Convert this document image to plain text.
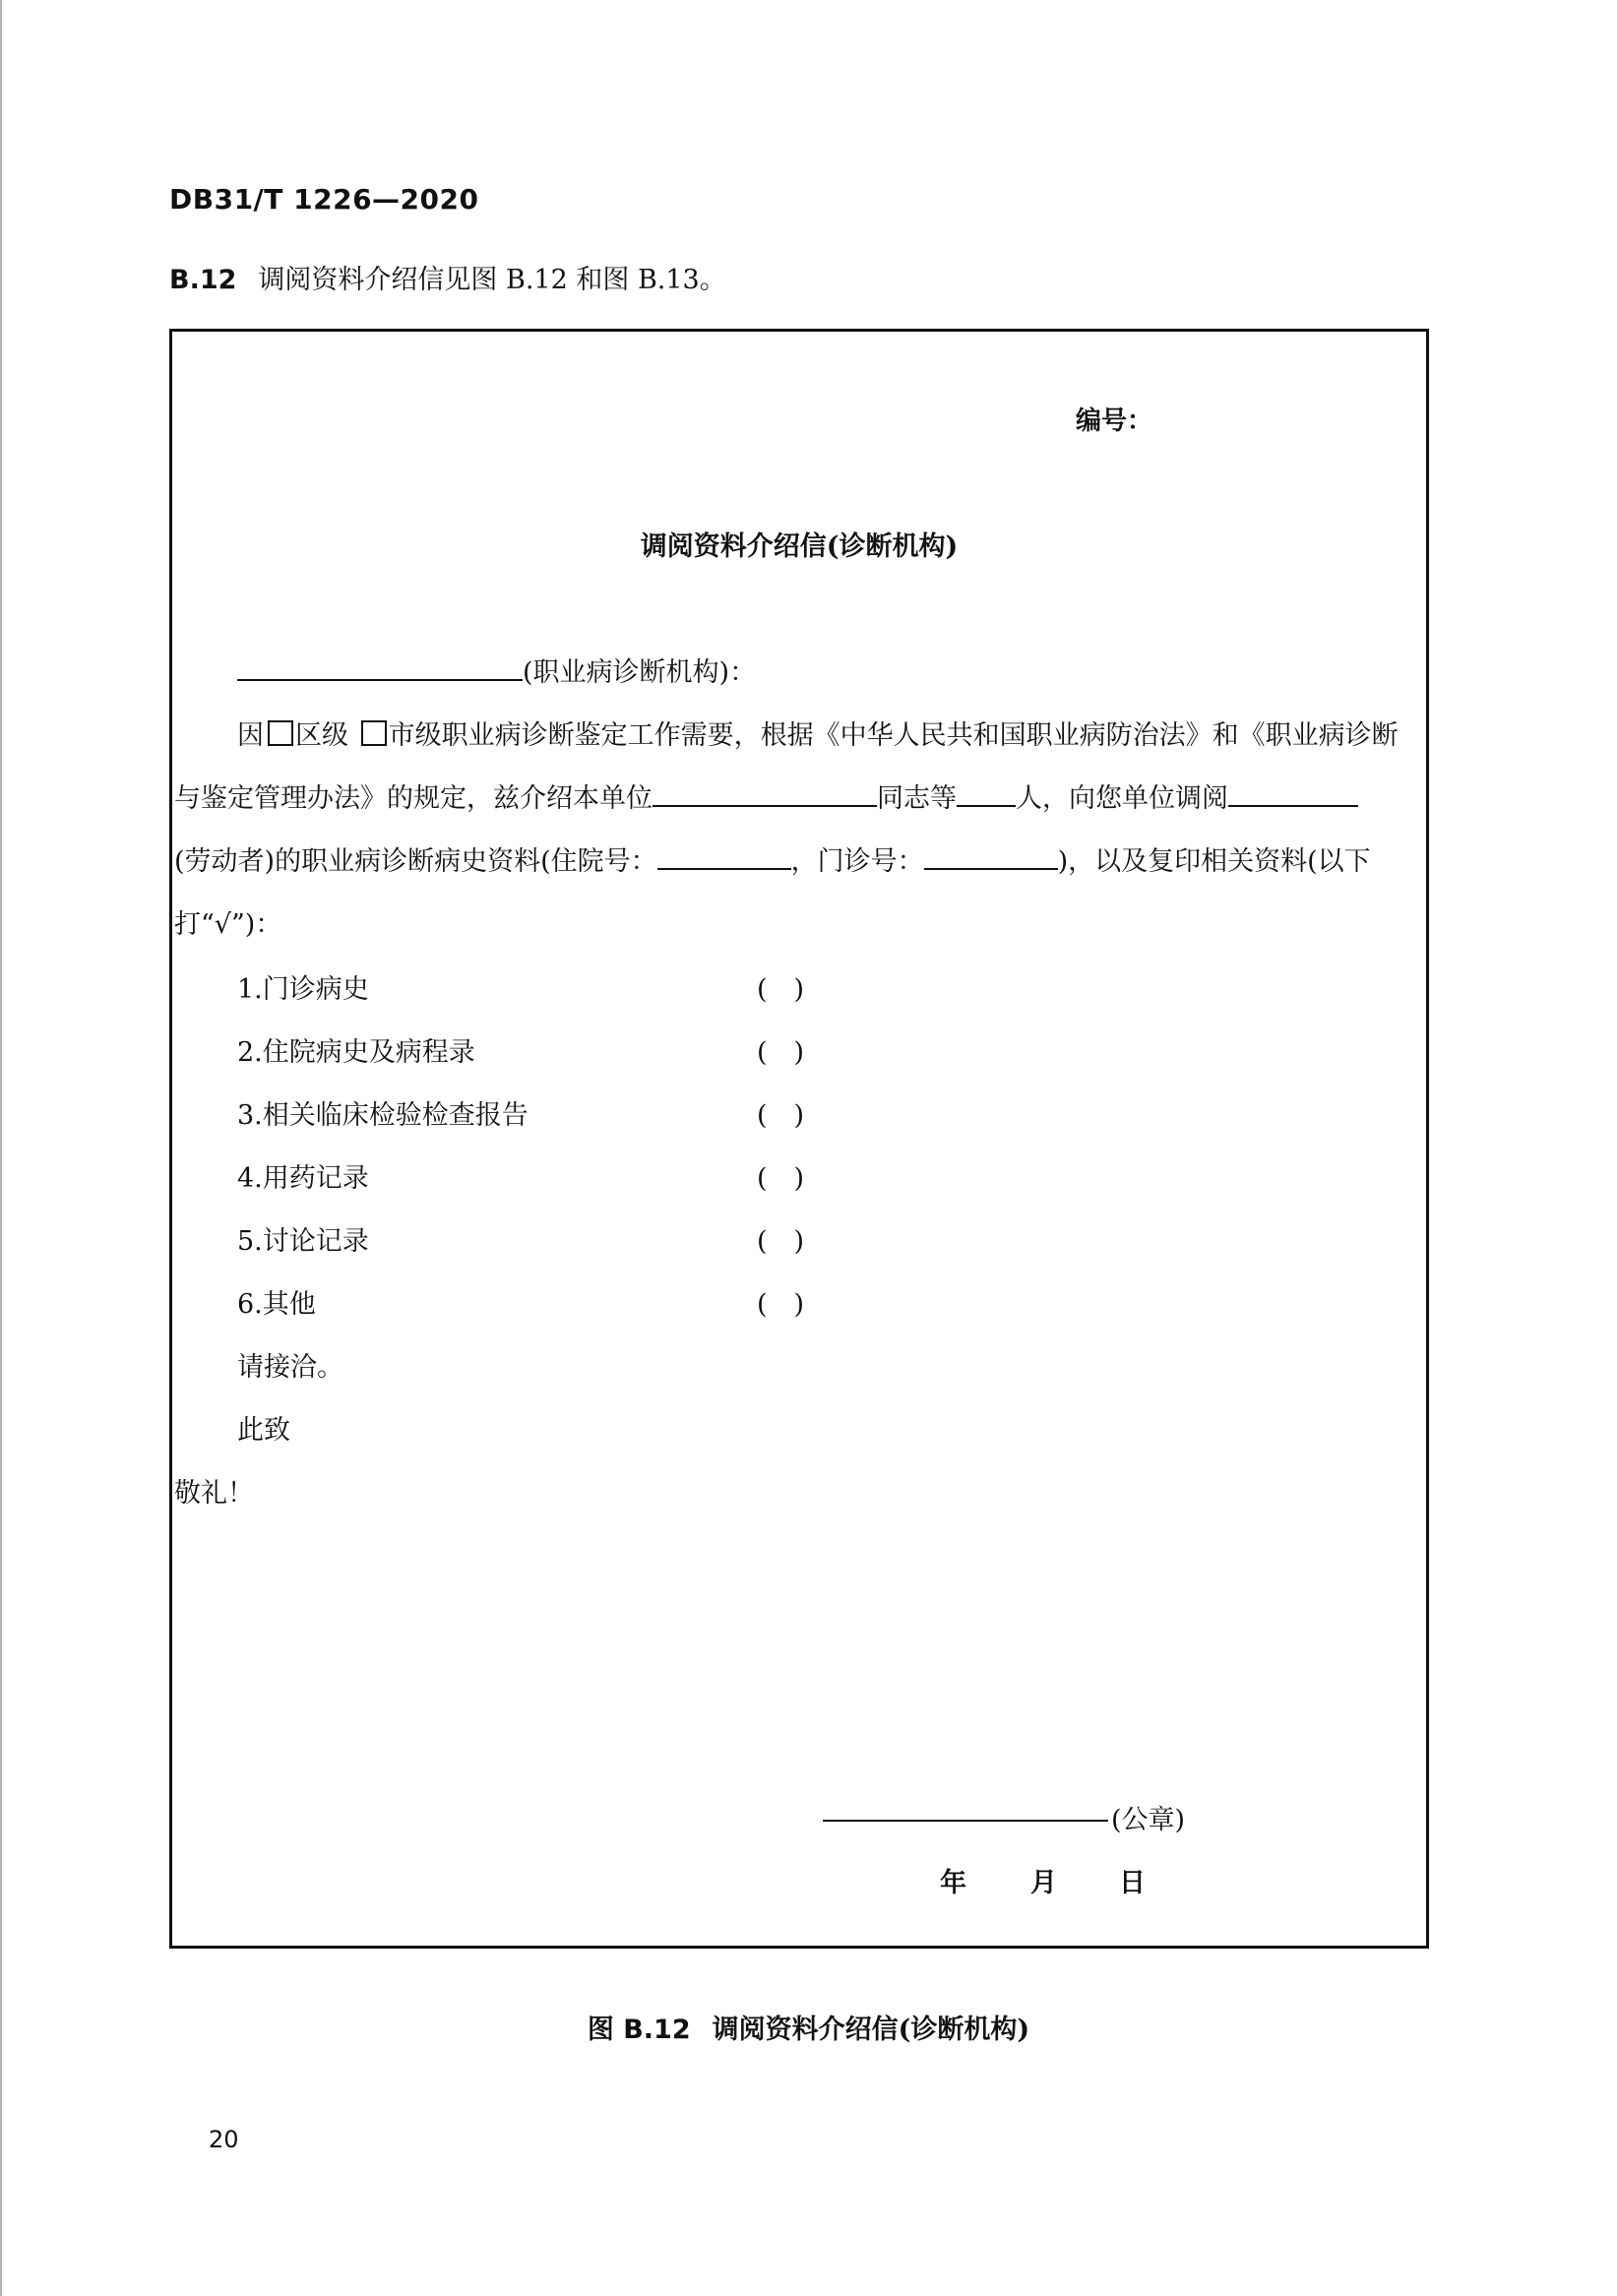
DB31/T 1226—2020
B.12 调阅资料介绍信见图 B.12 和图 B.13。
编号：
调阅资料介绍信(诊断机构)
(职业病诊断机构)：
因 区级 市级职业病诊断鉴定工作需要，根据《中华人民共和国职业病防治法》和《职业病诊断
与鉴定管理办法》的规定，兹介绍本单位	同志等 人，向您单位调阅
(劳动者)的职业病诊断病史资料(住院号：	，门诊号：	)，以及复印相关资料(以下
打“√”)：
1.门诊病史	(　)
2.住院病史及病程录	(　)
3.相关临床检验检查报告	(　)
4.用药记录	(　)
5.讨论记录	(　)
6.其他	(　)
请接洽。
此致
敬礼！
(公章)
年 月 日
图 B.12 调阅资料介绍信(诊断机构)
20
